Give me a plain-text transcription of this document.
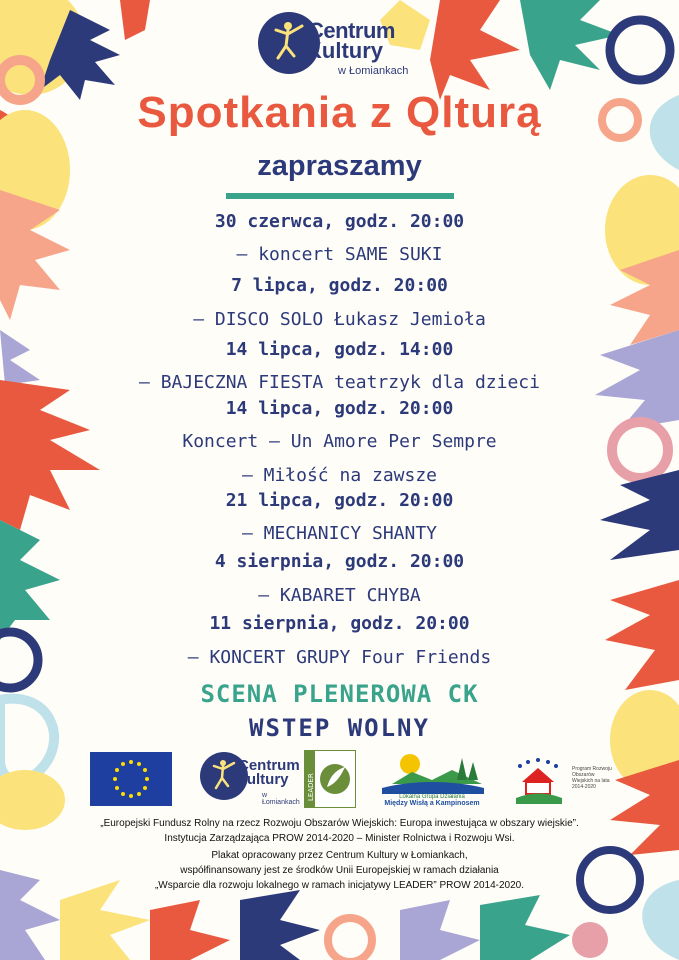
Centrum
Kultury
w Łomiankach
Spotkania z Qlturą
zapraszamy
30 czerwca, godz. 20:00
– koncert SAME SUKI
7 lipca, godz. 20:00
– DISCO SOLO Łukasz Jemioła
14 lipca, godz. 14:00
– BAJECZNA FIESTA teatrzyk dla dzieci
14 lipca, godz. 20:00
Koncert – Un Amore Per Sempre
– Miłość na zawsze
21 lipca, godz. 20:00
– MECHANICY SHANTY
4 sierpnia, godz. 20:00
– KABARET CHYBA
11 sierpnia, godz. 20:00
– KONCERT GRUPY Four Friends
SCENA PLENEROWA CK
WSTEP WOLNY
Centrum
Kultury
w Łomiankach
LEADER	Lokalna Grupa Działania
Między Wisłą a Kampinosem
Program Rozwoju Obszarów Wiejskich na lata 2014-2020
„Europejski Fundusz Rolny na rzecz Rozwoju Obszarów Wiejskich: Europa inwestująca w obszary wiejskie”.
Instytucja Zarządzająca PROW 2014-2020 – Minister Rolnictwa i Rozwoju Wsi.
Plakat opracowany przez Centrum Kultury w Łomiankach,
współfinansowany jest ze środków Unii Europejskiej w ramach działania
„Wsparcie dla rozwoju lokalnego w ramach inicjatywy LEADER” PROW 2014-2020.
